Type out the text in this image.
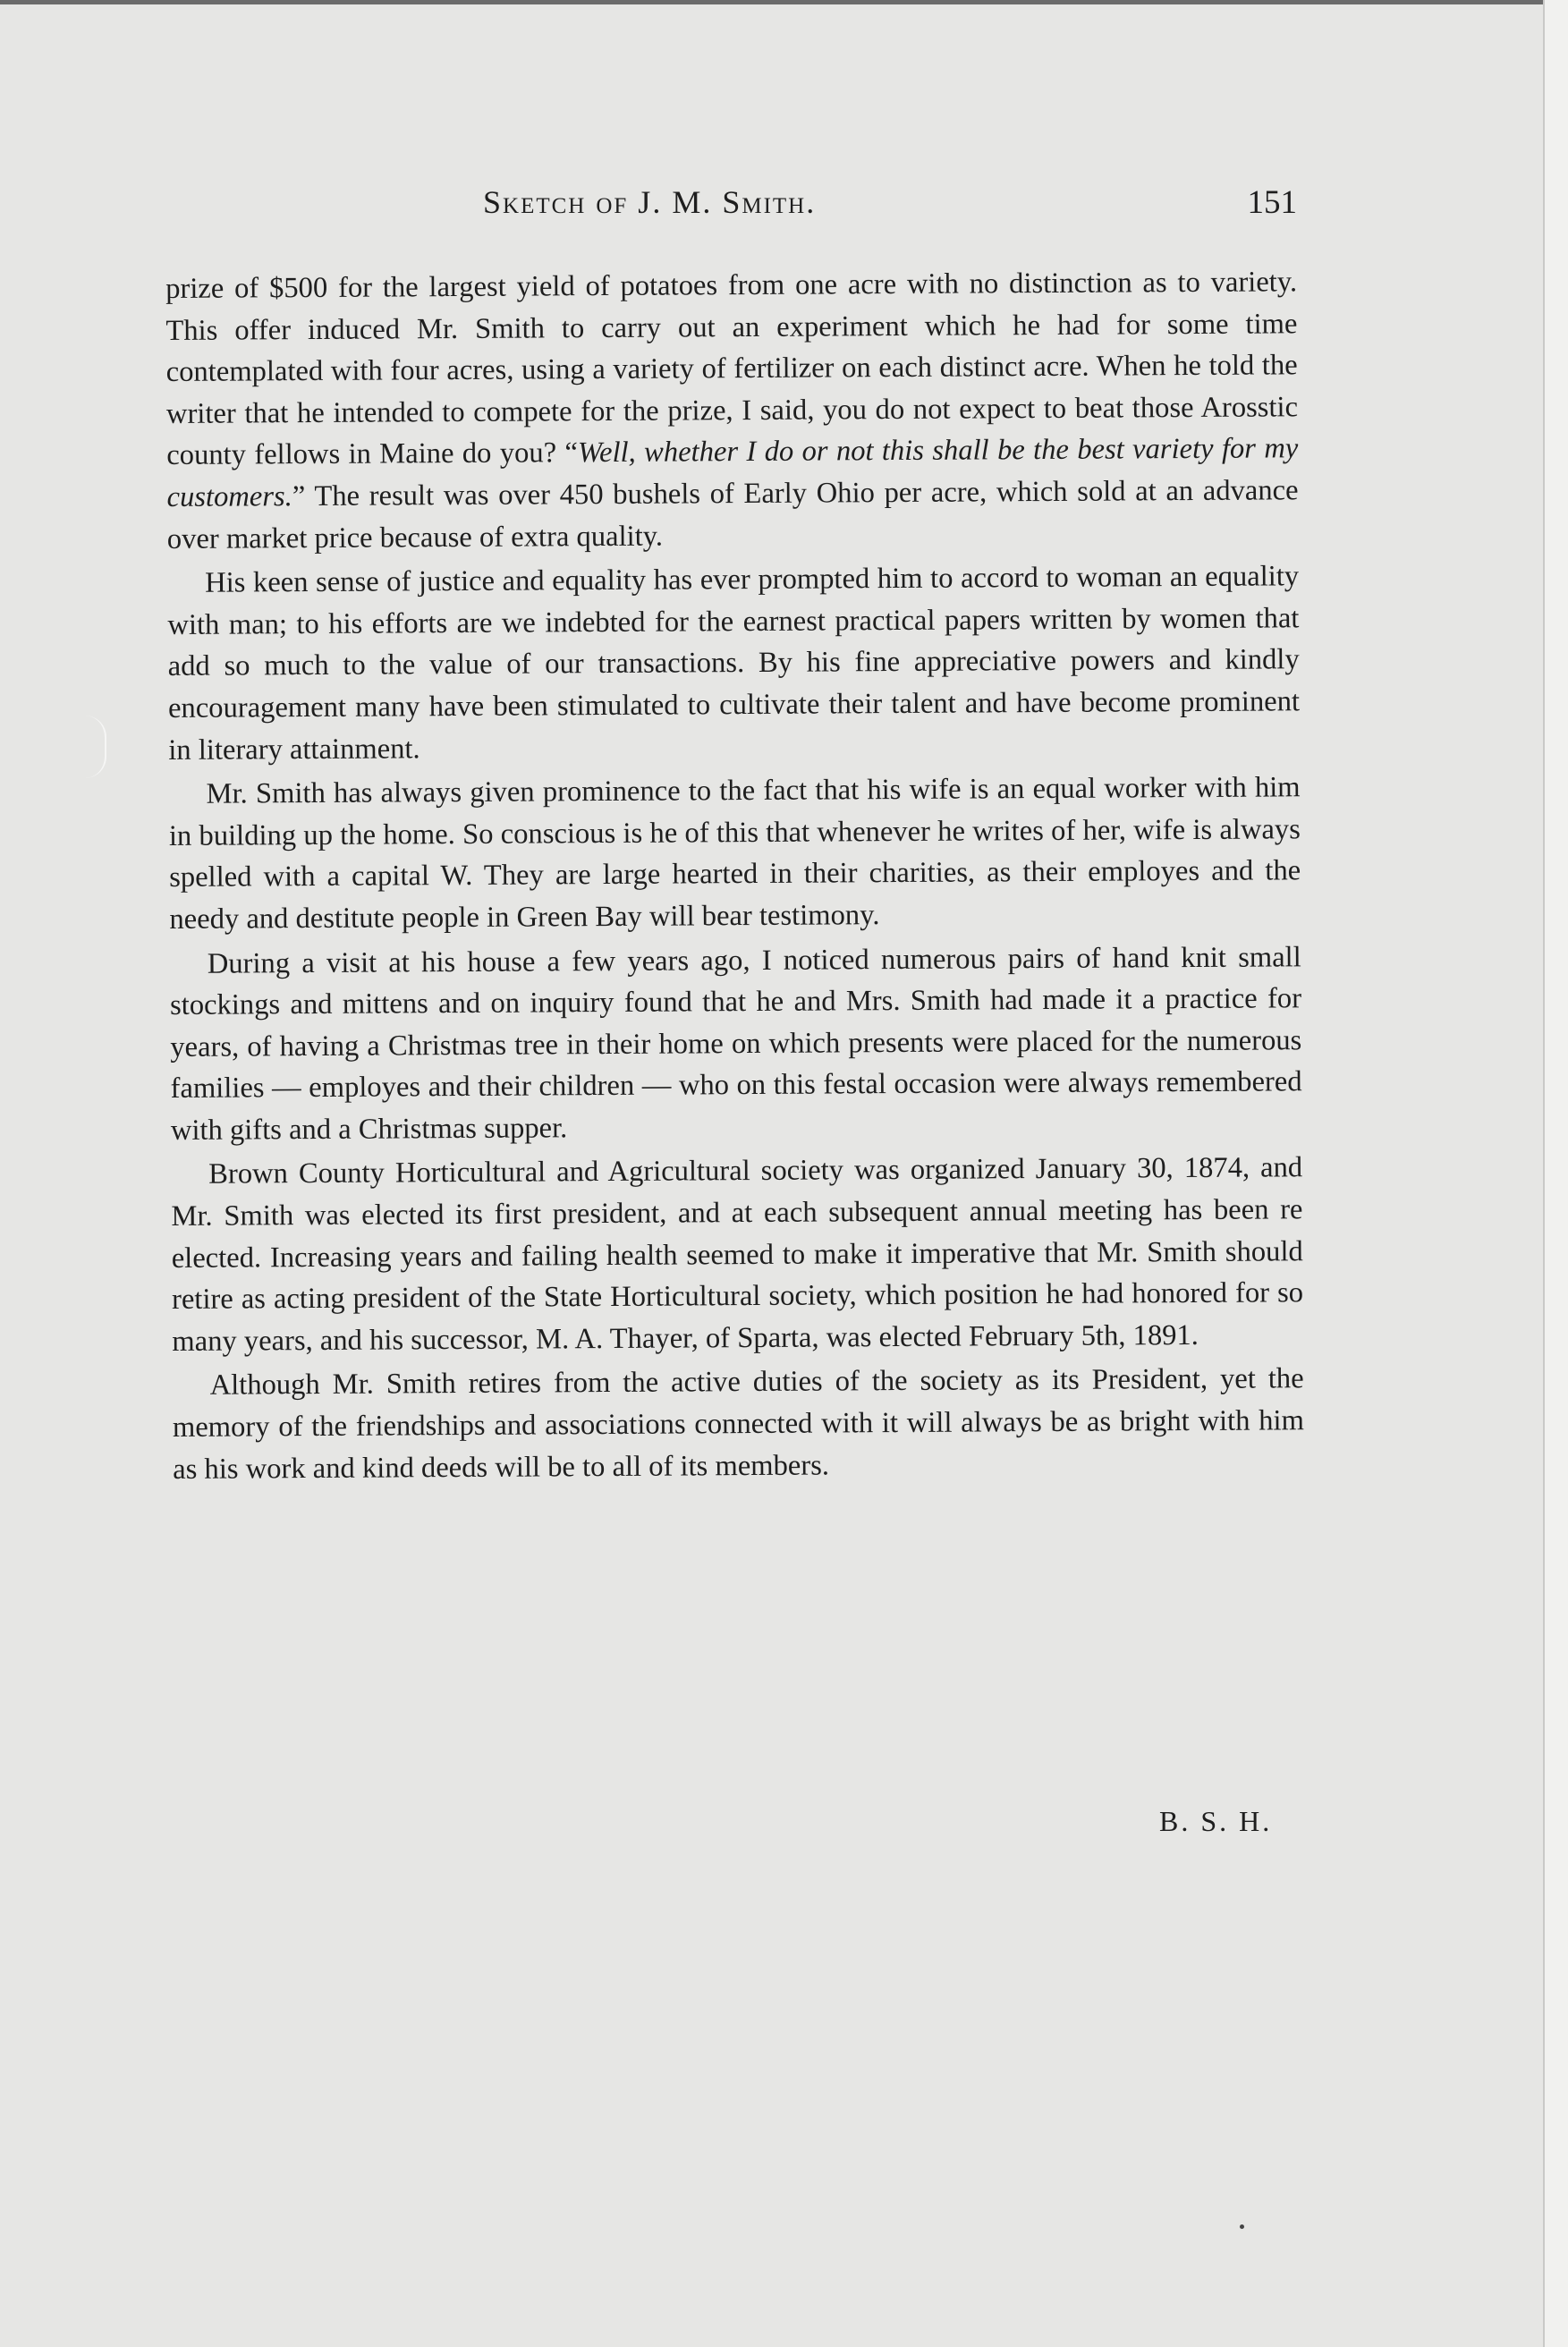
Sketch of J. M. Smith.	151

prize of $500 for the largest yield of potatoes from one acre with no distinction as to variety. This offer induced Mr. Smith to carry out an experiment which he had for some time contemplated with four acres, using a variety of fertilizer on each distinct acre. When he told the writer that he intended to compete for the prize, I said, you do not expect to beat those Arosstic county fellows in Maine do you? “Well, whether I do or not this shall be the best variety for my customers.” The result was over 450 bushels of Early Ohio per acre, which sold at an advance over market price because of extra quality.

His keen sense of justice and equality has ever prompted him to accord to woman an equality with man; to his efforts are we indebted for the earnest practical papers written by women that add so much to the value of our transactions. By his fine appreciative powers and kindly encouragement many have been stimulated to cultivate their talent and have become prominent in literary attainment.

Mr. Smith has always given prominence to the fact that his wife is an equal worker with him in building up the home. So conscious is he of this that whenever he writes of her, wife is always spelled with a capital W. They are large hearted in their charities, as their employes and the needy and destitute people in Green Bay will bear testimony.

During a visit at his house a few years ago, I noticed numerous pairs of hand knit small stockings and mittens and on inquiry found that he and Mrs. Smith had made it a practice for years, of having a Christmas tree in their home on which presents were placed for the numerous families — employes and their children — who on this festal occasion were always remembered with gifts and a Christmas supper.

Brown County Horticultural and Agricultural society was organized January 30, 1874, and Mr. Smith was elected its first president, and at each subsequent annual meeting has been re elected. Increasing years and failing health seemed to make it imperative that Mr. Smith should retire as acting president of the State Horticultural society, which position he had honored for so many years, and his successor, M. A. Thayer, of Sparta, was elected February 5th, 1891.

Although Mr. Smith retires from the active duties of the society as its President, yet the memory of the friendships and associations connected with it will always be as bright with him as his work and kind deeds will be to all of its members.

B. S. H.
